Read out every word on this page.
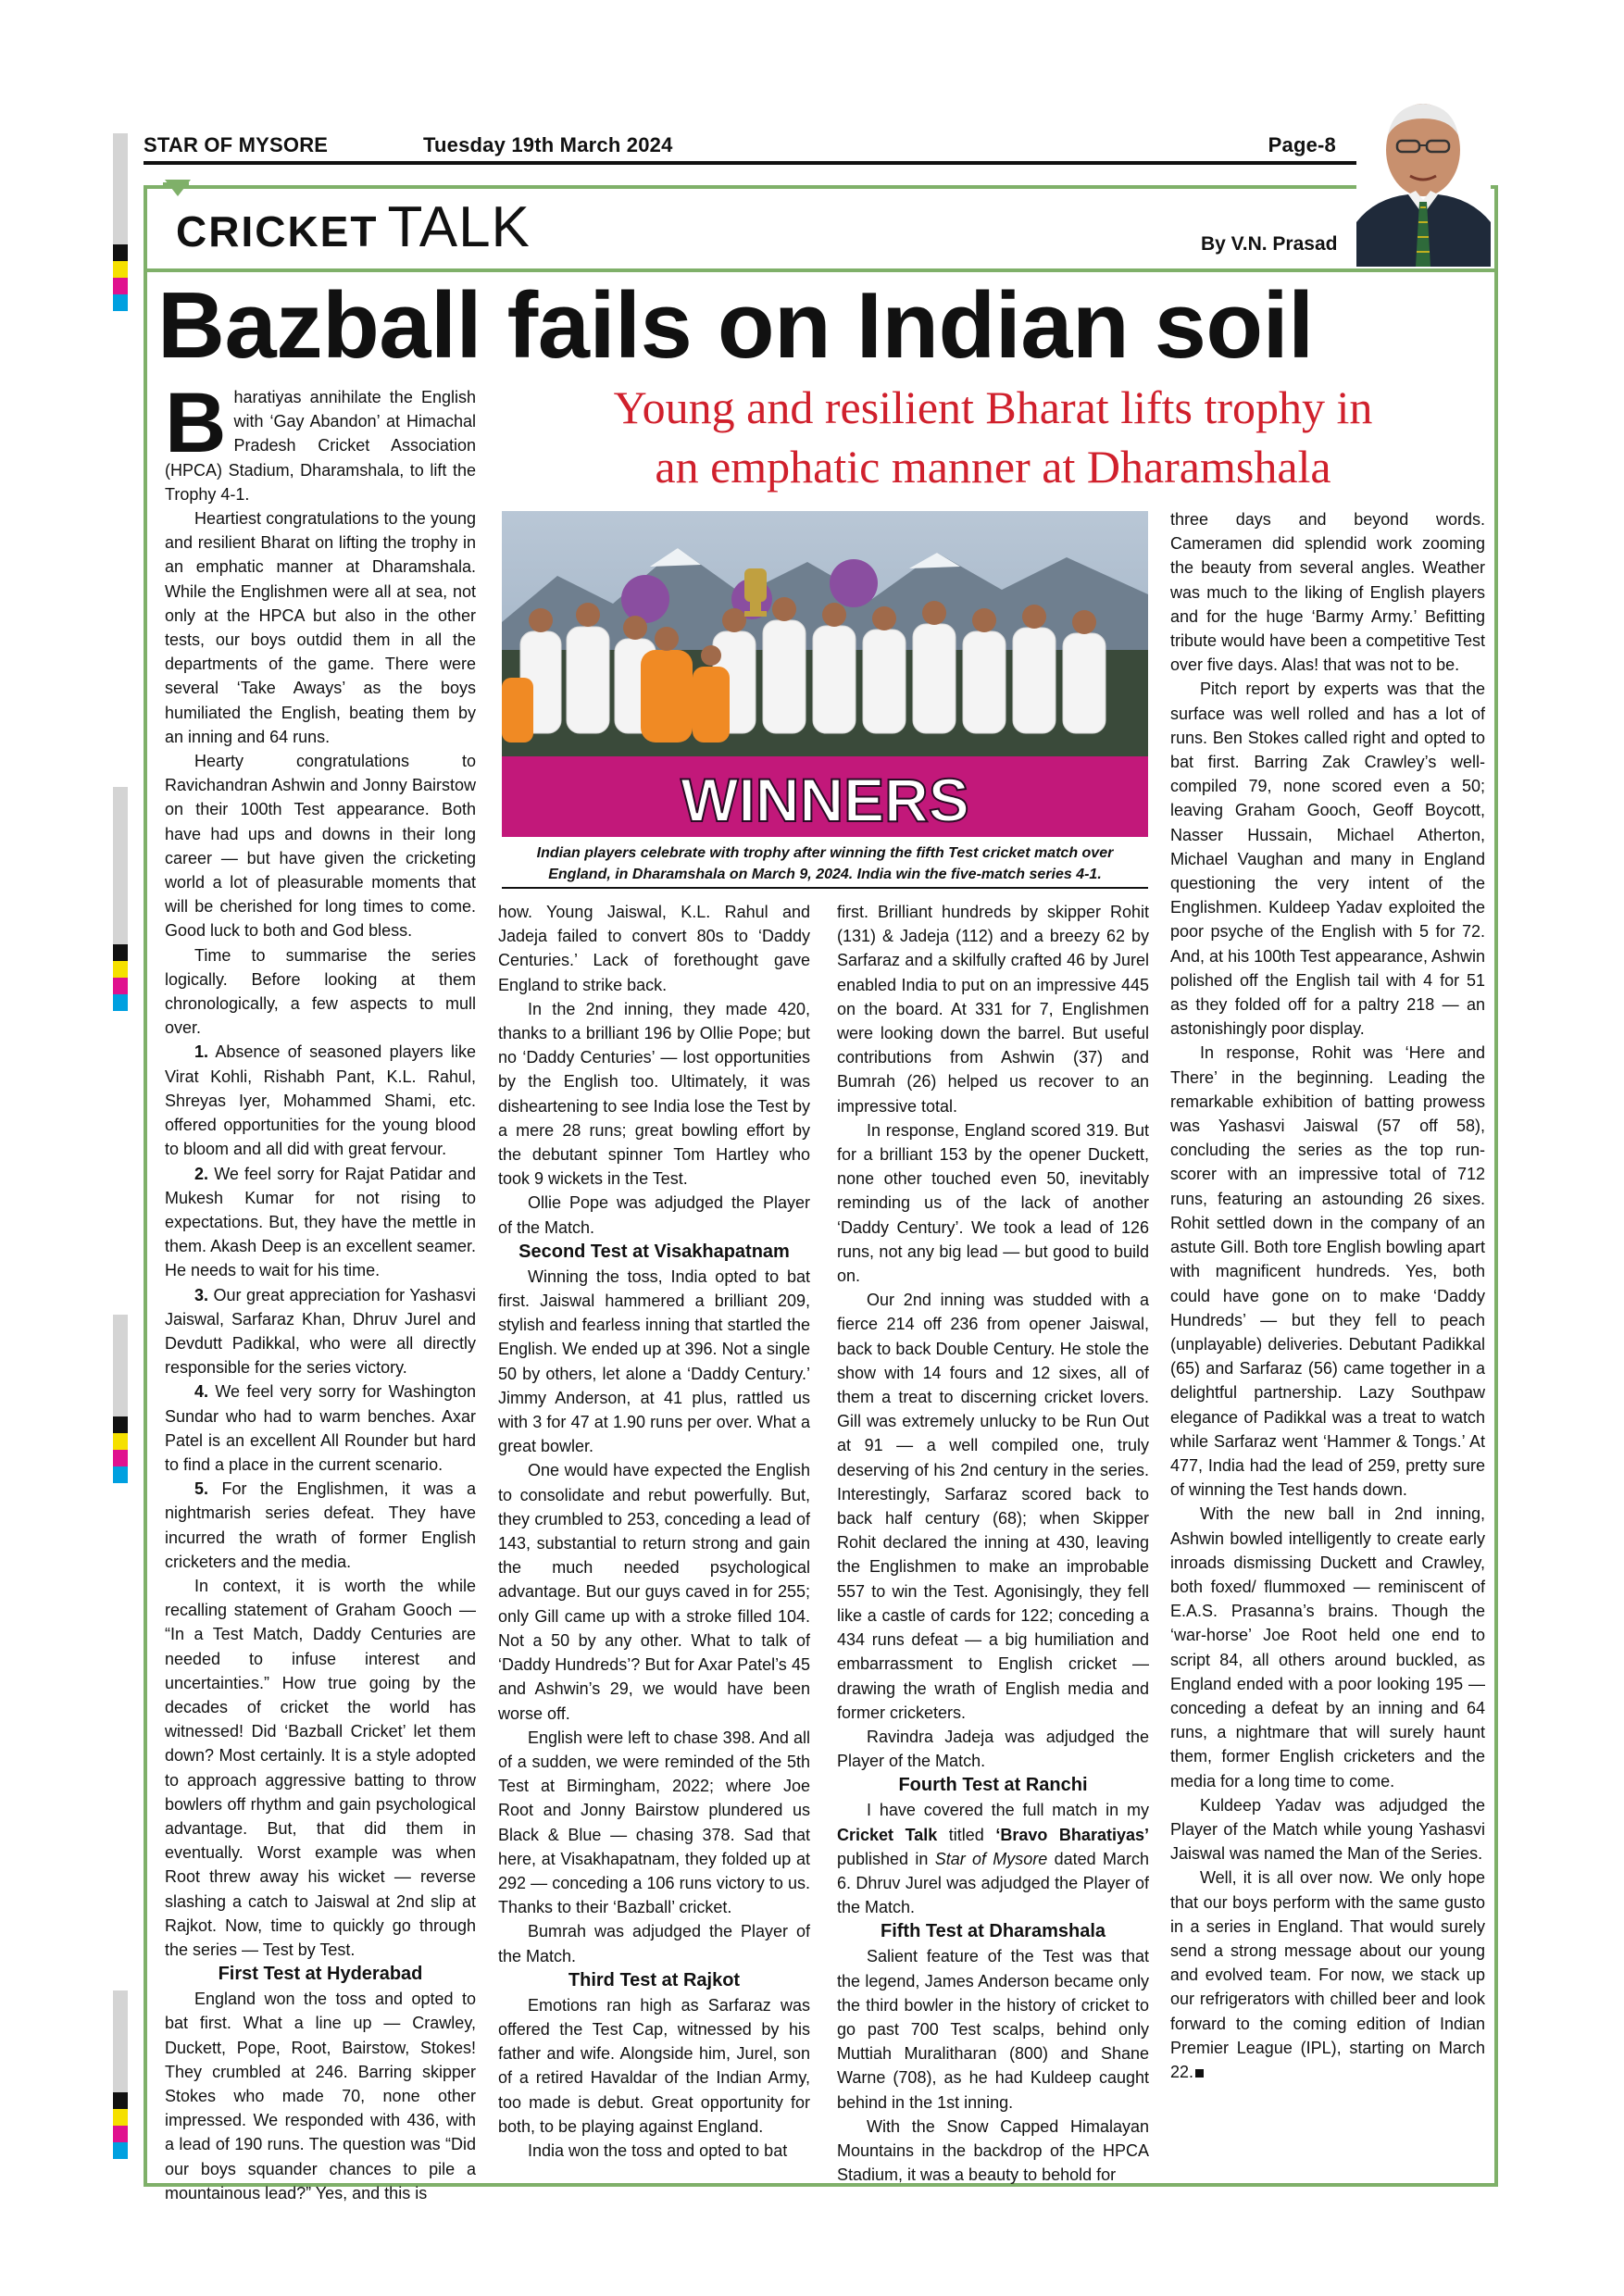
STAR OF MYSORE	Tuesday 19th March 2024	Page-8
CRICKET TALK	By V.N. Prasad
Bazball fails on Indian soil
Young and resilient Bharat lifts trophy in
an emphatic manner at Dharamshala

Bharatiyas annihilate the English with ‘Gay Abandon’ at Himachal Pradesh Cricket Association (HPCA) Stadium, Dharamshala, to lift the Trophy 4-1.

Heartiest congratulations to the young and resilient Bharat on lifting the trophy in an emphatic manner at Dharamshala. While the Englishmen were all at sea, not only at the HPCA but also in the other tests, our boys outdid them in all the departments of the game. There were several ‘Take Aways’ as the boys humiliated the English, beating them by an inning and 64 runs.

Hearty congratulations to Ravichandran Ashwin and Jonny Bairstow on their 100th Test appearance. Both have had ups and downs in their long career — but have given the cricketing world a lot of pleasurable moments that will be cherished for long times to come. Good luck to both and God bless.

Time to summarise the series logically. Before looking at them chronologically, a few aspects to mull over.

1. Absence of seasoned players like Virat Kohli, Rishabh Pant, K.L. Rahul, Shreyas Iyer, Mohammed Shami, etc. offered opportunities for the young blood to bloom and all did with great fervour.

2. We feel sorry for Rajat Patidar and Mukesh Kumar for not rising to expectations. But, they have the mettle in them. Akash Deep is an excellent seamer. He needs to wait for his time.

3. Our great appreciation for Yashasvi Jaiswal, Sarfaraz Khan, Dhruv Jurel and Devdutt Padikkal, who were all directly responsible for the series victory.

4. We feel very sorry for Washington Sundar who had to warm benches. Axar Patel is an excellent All Rounder but hard to find a place in the current scenario.

5. For the Englishmen, it was a nightmarish series defeat. They have incurred the wrath of former English cricketers and the media.

In context, it is worth the while recalling statement of Graham Gooch — “In a Test Match, Daddy Centuries are needed to infuse interest and uncertainties.” How true going by the decades of cricket the world has witnessed! Did ‘Bazball Cricket’ let them down? Most certainly. It is a style adopted to approach aggressive batting to throw bowlers off rhythm and gain psychological advantage. But, that did them in eventually. Worst example was when Root threw away his wicket — reverse slashing a catch to Jaiswal at 2nd slip at Rajkot. Now, time to quickly go through the series — Test by Test.

First Test at Hyderabad

England won the toss and opted to bat first. What a line up — Crawley, Duckett, Pope, Root, Bairstow, Stokes! They crumbled at 246. Barring skipper Stokes who made 70, none other impressed. We responded with 436, with a lead of 190 runs. The question was “Did our boys squander chances to pile a mountainous lead?” Yes, and this is

WINNERS
Indian players celebrate with trophy after winning the fifth Test cricket match over
England, in Dharamshala on March 9, 2024. India win the five-match series 4-1.

how. Young Jaiswal, K.L. Rahul and Jadeja failed to convert 80s to ‘Daddy Centuries.’ Lack of forethought gave England to strike back.

In the 2nd inning, they made 420, thanks to a brilliant 196 by Ollie Pope; but no ‘Daddy Centuries’ — lost opportunities by the English too. Ultimately, it was disheartening to see India lose the Test by a mere 28 runs; great bowling effort by the debutant spinner Tom Hartley who took 9 wickets in the Test.

Ollie Pope was adjudged the Player of the Match.

Second Test at Visakhapatnam

Winning the toss, India opted to bat first. Jaiswal hammered a brilliant 209, stylish and fearless inning that startled the English. We ended up at 396. Not a single 50 by others, let alone a ‘Daddy Century.’ Jimmy Anderson, at 41 plus, rattled us with 3 for 47 at 1.90 runs per over. What a great bowler.

One would have expected the English to consolidate and rebut powerfully. But, they crumbled to 253, conceding a lead of 143, substantial to return strong and gain the much needed psychological advantage. But our guys caved in for 255; only Gill came up with a stroke filled 104. Not a 50 by any other. What to talk of ‘Daddy Hundreds’? But for Axar Patel’s 45 and Ashwin’s 29, we would have been worse off.

English were left to chase 398. And all of a sudden, we were reminded of the 5th Test at Birmingham, 2022; where Joe Root and Jonny Bairstow plundered us Black & Blue — chasing 378. Sad that here, at Visakhapatnam, they folded up at 292 — conceding a 106 runs victory to us. Thanks to their ‘Bazball’ cricket.

Bumrah was adjudged the Player of the Match.

Third Test at Rajkot

Emotions ran high as Sarfaraz was offered the Test Cap, witnessed by his father and wife. Alongside him, Jurel, son of a retired Havaldar of the Indian Army, too made is debut. Great opportunity for both, to be playing against England.

India won the toss and opted to bat

first. Brilliant hundreds by skipper Rohit (131) & Jadeja (112) and a breezy 62 by Sarfaraz and a skilfully crafted 46 by Jurel enabled India to put on an impressive 445 on the board. At 331 for 7, Englishmen were looking down the barrel. But useful contributions from Ashwin (37) and Bumrah (26) helped us recover to an impressive total.

In response, England scored 319. But for a brilliant 153 by the opener Duckett, none other touched even 50, inevitably reminding us of the lack of another ‘Daddy Century’. We took a lead of 126 runs, not any big lead — but good to build on.

Our 2nd inning was studded with a fierce 214 off 236 from opener Jaiswal, back to back Double Century. He stole the show with 14 fours and 12 sixes, all of them a treat to discerning cricket lovers. Gill was extremely unlucky to be Run Out at 91 — a well compiled one, truly deserving of his 2nd century in the series. Interestingly, Sarfaraz scored back to back half century (68); when Skipper Rohit declared the inning at 430, leaving the Englishmen to make an improbable 557 to win the Test. Agonisingly, they fell like a castle of cards for 122; conceding a 434 runs defeat — a big humiliation and embarrassment to English cricket — drawing the wrath of English media and former cricketers.

Ravindra Jadeja was adjudged the Player of the Match.

Fourth Test at Ranchi

I have covered the full match in my Cricket Talk titled ‘Bravo Bharatiyas’ published in Star of Mysore dated March 6. Dhruv Jurel was adjudged the Player of the Match.

Fifth Test at Dharamshala

Salient feature of the Test was that the legend, James Anderson became only the third bowler in the history of cricket to go past 700 Test scalps, behind only Muttiah Muralitharan (800) and Shane Warne (708), as he had Kuldeep caught behind in the 1st inning.

With the Snow Capped Himalayan Mountains in the backdrop of the HPCA Stadium, it was a beauty to behold for

three days and beyond words. Cameramen did splendid work zooming the beauty from several angles. Weather was much to the liking of English players and for the huge ‘Barmy Army.’ Befitting tribute would have been a competitive Test over five days. Alas! that was not to be.

Pitch report by experts was that the surface was well rolled and has a lot of runs. Ben Stokes called right and opted to bat first. Barring Zak Crawley’s well-compiled 79, none scored even a 50; leaving Graham Gooch, Geoff Boycott, Nasser Hussain, Michael Atherton, Michael Vaughan and many in England questioning the very intent of the Englishmen. Kuldeep Yadav exploited the poor psyche of the English with 5 for 72. And, at his 100th Test appearance, Ashwin polished off the English tail with 4 for 51 as they folded off for a paltry 218 — an astonishingly poor display.

In response, Rohit was ‘Here and There’ in the beginning. Leading the remarkable exhibition of batting prowess was Yashasvi Jaiswal (57 off 58), concluding the series as the top run-scorer with an impressive total of 712 runs, featuring an astounding 26 sixes. Rohit settled down in the company of an astute Gill. Both tore English bowling apart with magnificent hundreds. Yes, both could have gone on to make ‘Daddy Hundreds’ — but they fell to peach (unplayable) deliveries. Debutant Padikkal (65) and Sarfaraz (56) came together in a delightful partnership. Lazy Southpaw elegance of Padikkal was a treat to watch while Sarfaraz went ‘Hammer & Tongs.’ At 477, India had the lead of 259, pretty sure of winning the Test hands down.

With the new ball in 2nd inning, Ashwin bowled intelligently to create early inroads dismissing Duckett and Crawley, both foxed/ flummoxed — reminiscent of E.A.S. Prasanna’s brains. Though the ‘war-horse’ Joe Root held one end to script 84, all others around buckled, as England ended with a poor looking 195 — conceding a defeat by an inning and 64 runs, a nightmare that will surely haunt them, former English cricketers and the media for a long time to come.

Kuldeep Yadav was adjudged the Player of the Match while young Yashasvi Jaiswal was named the Man of the Series.

Well, it is all over now. We only hope that our boys perform with the same gusto in a series in England. That would surely send a strong message about our young and evolved team. For now, we stack up our refrigerators with chilled beer and look forward to the coming edition of Indian Premier League (IPL), starting on March 22.
